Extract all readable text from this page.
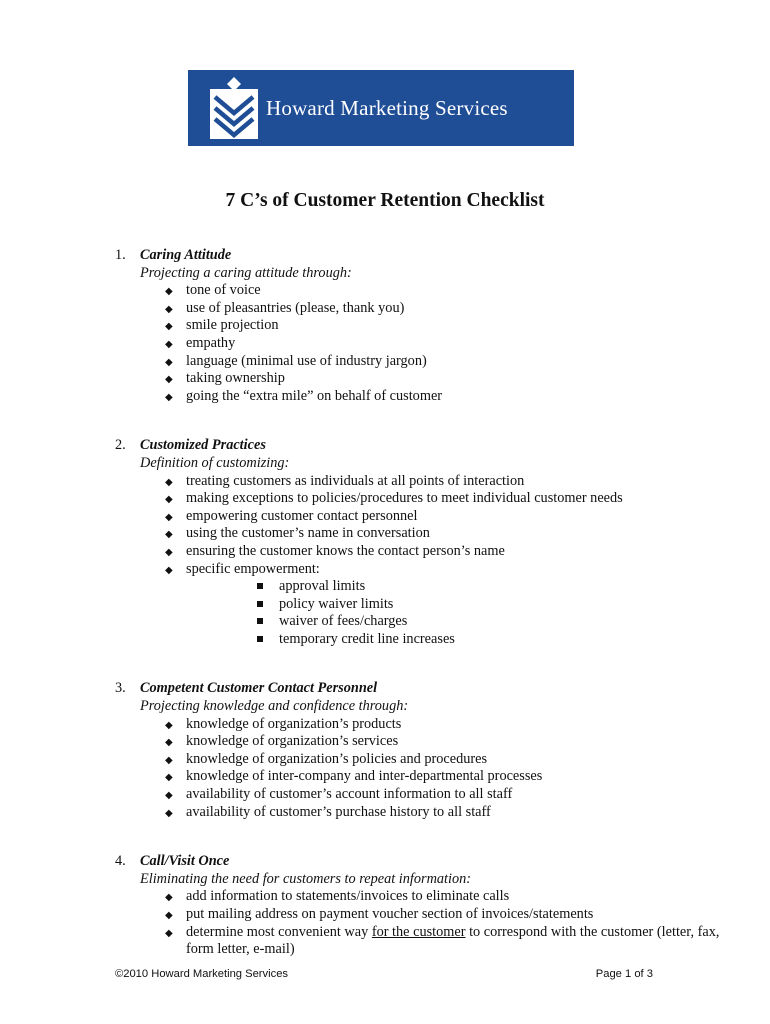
Howard Marketing Services
7 C’s of Customer Retention Checklist
1. Caring Attitude
Projecting a caring attitude through:
◆ tone of voice
◆ use of pleasantries (please, thank you)
◆ smile projection
◆ empathy
◆ language (minimal use of industry jargon)
◆ taking ownership
◆ going the “extra mile” on behalf of customer
2. Customized Practices
Definition of customizing:
◆ treating customers as individuals at all points of interaction
◆ making exceptions to policies/procedures to meet individual customer needs
◆ empowering customer contact personnel
◆ using the customer’s name in conversation
◆ ensuring the customer knows the contact person’s name
◆ specific empowerment:
approval limits
policy waiver limits
waiver of fees/charges
temporary credit line increases
3. Competent Customer Contact Personnel
Projecting knowledge and confidence through:
◆ knowledge of organization’s products
◆ knowledge of organization’s services
◆ knowledge of organization’s policies and procedures
◆ knowledge of inter-company and inter-departmental processes
◆ availability of customer’s account information to all staff
◆ availability of customer’s purchase history to all staff
4. Call/Visit Once
Eliminating the need for customers to repeat information:
◆ add information to statements/invoices to eliminate calls
◆ put mailing address on payment voucher section of invoices/statements
◆ determine most convenient way for the customer to correspond with the customer (letter, fax, form letter, e-mail)
©2010 Howard Marketing Services	Page 1 of 3
